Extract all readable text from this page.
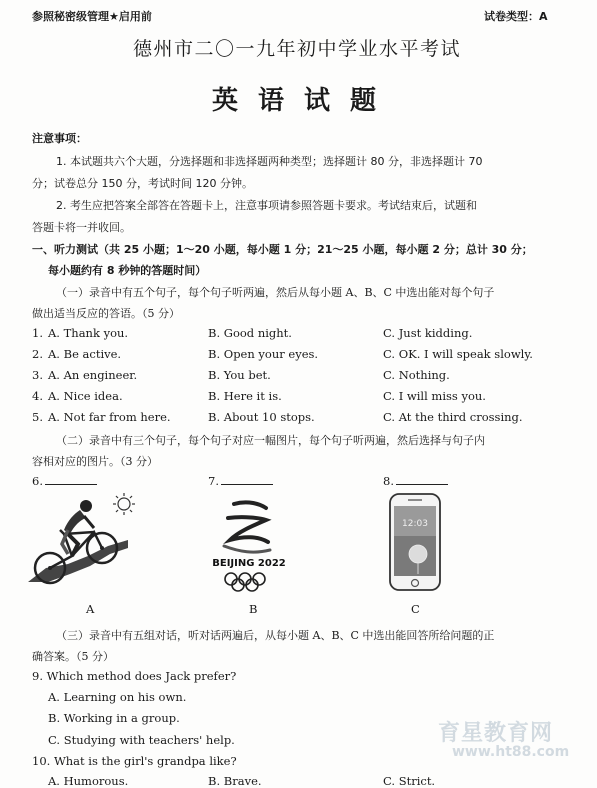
参照秘密级管理★启用前	试卷类型：A
德州市二〇一九年初中学业水平考试
英语试题
注意事项：
1. 本试题共六个大题，分选择题和非选择题两种类型；选择题计 80 分，非选择题计 70
分；试卷总分 150 分，考试时间 120 分钟。
2. 考生应把答案全部答在答题卡上，注意事项请参照答题卡要求。考试结束后，试题和
答题卡将一并收回。
一、听力测试（共 25 小题；1～20 小题，每小题 1 分；21～25 小题，每小题 2 分；总计 30 分；
每小题约有 8 秒钟的答题时间）
（一）录音中有五个句子，每个句子听两遍，然后从每小题 A、B、C 中选出能对每个句子
做出适当反应的答语。（5 分）
1. A. Thank you.	B. Good night.	C. Just kidding.
2. A. Be active.	B. Open your eyes.	C. OK. I will speak slowly.
3. A. An engineer.	B. You bet.	C. Nothing.
4. A. Nice idea.	B. Here it is.	C. I will miss you.
5. A. Not far from here.	B. About 10 stops.	C. At the third crossing.
（二）录音中有三个句子，每个句子对应一幅图片，每个句子听两遍，然后选择与句子内
容相对应的图片。（3 分）
6.	7.	8.
BEIJING 2022
12:03
A	B	C
（三）录音中有五组对话，听对话两遍后，从每小题 A、B、C 中选出能回答所给问题的正
确答案。（5 分）
9. Which method does Jack prefer?
A. Learning on his own.
B. Working in a group.
C. Studying with teachers' help.
10. What is the girl's grandpa like?
A. Humorous.	B. Brave.	C. Strict.
育星教育网
www.ht88.com
